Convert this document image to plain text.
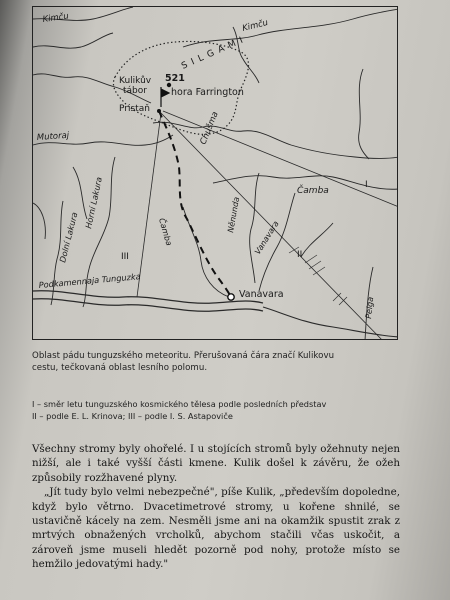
Kimču	Kimču
S I L G A M I
521
hora Farrington
Kulikův
tábor
Pristaň
Chušma
Mutoraj
Čamba
Čamba
I
II
III
Horní Lakura
Dolní Lakura	Něnunda
Vanavara
Vanavara
Podkamennaja Tunguzka
Pelga

Oblast pádu tunguzského meteoritu. Přerušovaná čára značí Kulikovu

cestu, tečkovaná oblast lesního polomu.

I – směr letu tunguzského kosmického tělesa podle posledních představ

II – podle E. L. Krinova; III – podle I. S. Astapoviče

Všechny stromy byly ohořelé. I u stojících stromů byly ožehnuty nejen nižší, ale i také vyšší části kmene. Kulik došel k závěru, že ožeh způsobily rozžhavené plyny.

„Jít tudy bylo velmi nebezpečné", píše Kulik, „především dopoledne, když bylo větrno. Dvacetimetrové stromy, u kořene shnilé, se ustavičně kácely na zem. Nesměli jsme ani na okamžik spustit zrak z mrtvých obnažených vrcholků, abychom stačili včas uskočit, a zároveň jsme museli hledět pozorně pod nohy, protože místo se hemžilo jedovatými hady."
